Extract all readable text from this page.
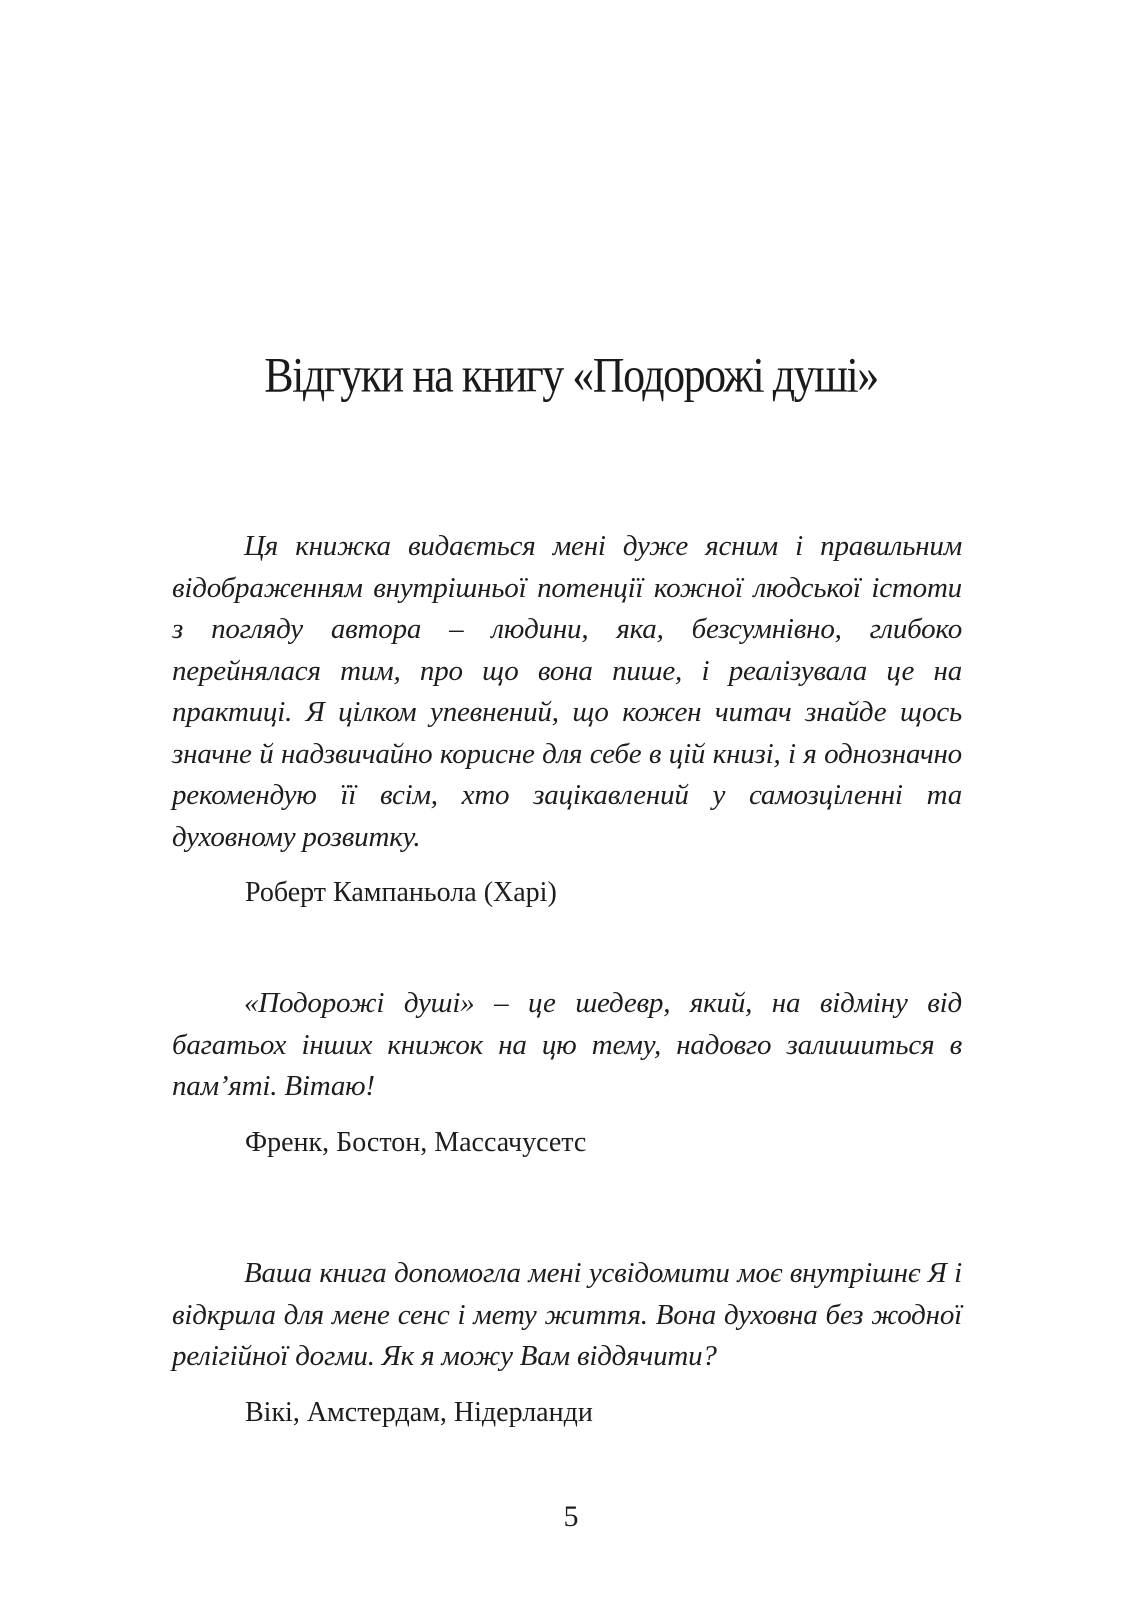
Відгуки на книгу «Подорожі душі»

Ця книжка видається мені дуже ясним і правильним відображенням внутрішньої потенції кожної людської істоти з погляду автора – людини, яка, безсумнівно, глибоко перейнялася тим, про що вона пише, і реалізувала це на практиці. Я цілком упевнений, що кожен читач знайде щось значне й надзвичайно корисне для себе в цій книзі, і я однозначно рекомендую її всім, хто зацікавлений у самозціленні та духовному розвитку.

Роберт Кампаньола (Харі)

«Подорожі душі» – це шедевр, який, на відміну від багатьох інших книжок на цю тему, надовго залишиться в пам’яті. Вітаю!

Френк, Бостон, Массачусетс

Ваша книга допомогла мені усвідомити моє внутрішнє Я і відкрила для мене сенс і мету життя. Вона духовна без жодної релігійної догми. Як я можу Вам віддячити?

Вікі, Амстердам, Нідерланди

5
